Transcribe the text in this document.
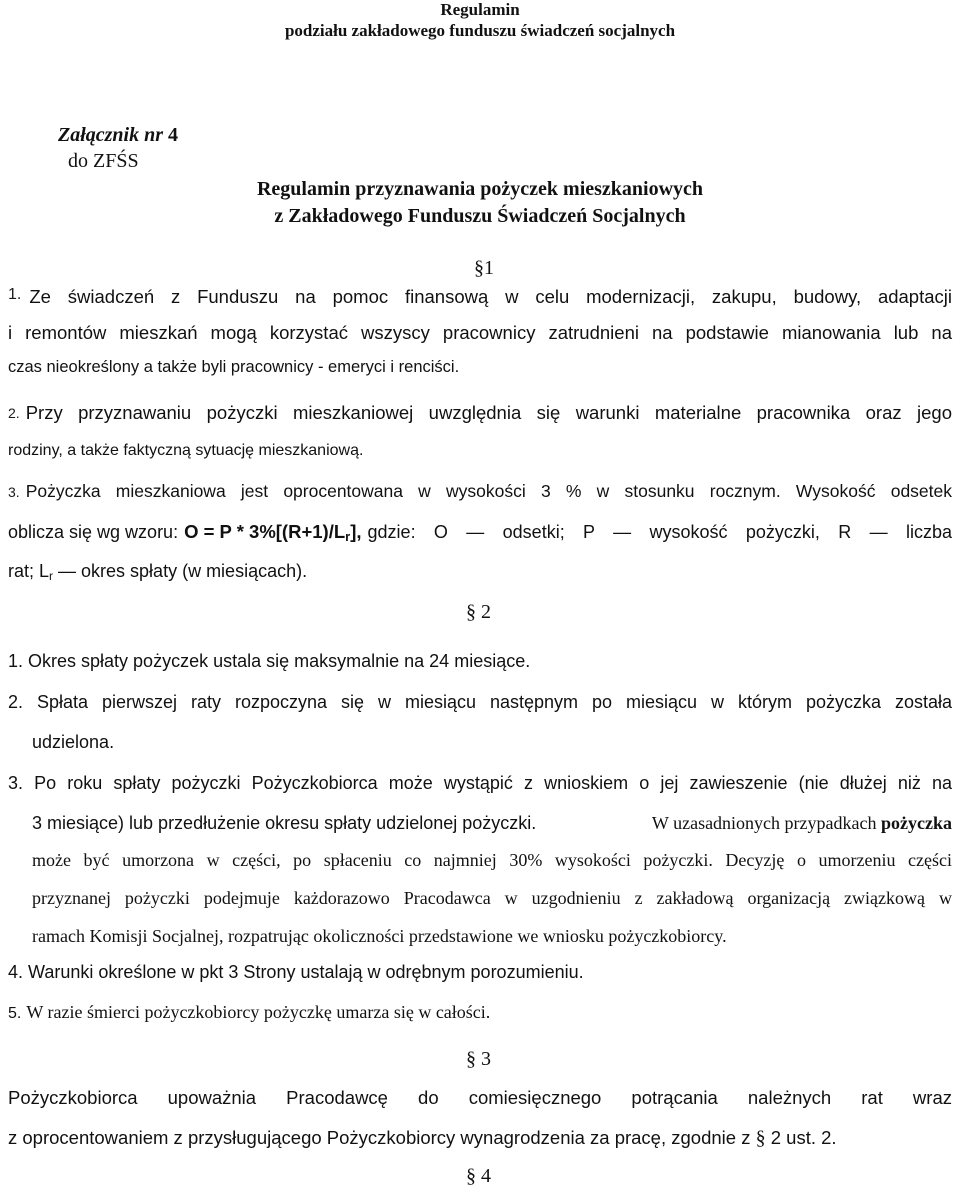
Regulamin
podziału zakładowego funduszu świadczeń socjalnych
Załącznik nr 4
do ZFŚS
Regulamin przyznawania pożyczek mieszkaniowych
z Zakładowego Funduszu Świadczeń Socjalnych
§1
1. Ze świadczeń z Funduszu na pomoc finansową w celu modernizacji, zakupu, budowy, adaptacji
i remontów mieszkań mogą korzystać wszyscy pracownicy zatrudnieni na podstawie mianowania lub na
czas nieokreślony a także byli pracownicy - emeryci i renciści.
2. Przy przyznawaniu pożyczki mieszkaniowej uwzględnia się warunki materialne pracownika oraz jego
rodziny, a także faktyczną sytuację mieszkaniową.
3. Pożyczka mieszkaniowa jest oprocentowana w wysokości 3 % w stosunku rocznym. Wysokość odsetek
oblicza się wg wzoru: O = P * 3%[(R+1)/Lr], gdzie: O — odsetki; P — wysokość pożyczki, R — liczba
rat; Lr — okres spłaty (w miesiącach).
§ 2
1. Okres spłaty pożyczek ustala się maksymalnie na 24 miesiące.
2. Spłata pierwszej raty rozpoczyna się w miesiącu następnym po miesiącu w którym pożyczka została
udzielona.
3. Po roku spłaty pożyczki Pożyczkobiorca może wystąpić z wnioskiem o jej zawieszenie (nie dłużej niż na
3 miesiące) lub przedłużenie okresu spłaty udzielonej pożyczki.	W uzasadnionych przypadkach pożyczka
może być umorzona w części, po spłaceniu co najmniej 30% wysokości pożyczki. Decyzję o umorzeniu części
przyznanej pożyczki podejmuje każdorazowo Pracodawca w uzgodnieniu z zakładową organizacją związkową w
ramach Komisji Socjalnej, rozpatrując okoliczności przedstawione we wniosku pożyczkobiorcy.
4. Warunki określone w pkt 3 Strony ustalają w odrębnym porozumieniu.
5. W razie śmierci pożyczkobiorcy pożyczkę umarza się w całości.
§ 3
Pożyczkobiorca upoważnia Pracodawcę do comiesięcznego potrącania należnych rat wraz
z oprocentowaniem z przysługującego Pożyczkobiorcy wynagrodzenia za pracę, zgodnie z § 2 ust. 2.
§ 4
